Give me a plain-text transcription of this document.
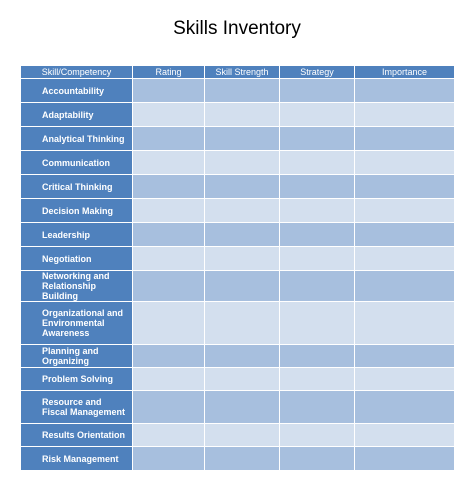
Skills Inventory
Skill/Competency	Rating	Skill Strength	Strategy	Importance
Accountability				
Adaptability				
Analytical Thinking				
Communication				
Critical Thinking				
Decision Making				
Leadership				
Negotiation				
Networking and Relationship Building				
Organizational and Environmental Awareness				
Planning and Organizing				
Problem Solving				
Resource and Fiscal Management				
Results Orientation				
Risk Management				
